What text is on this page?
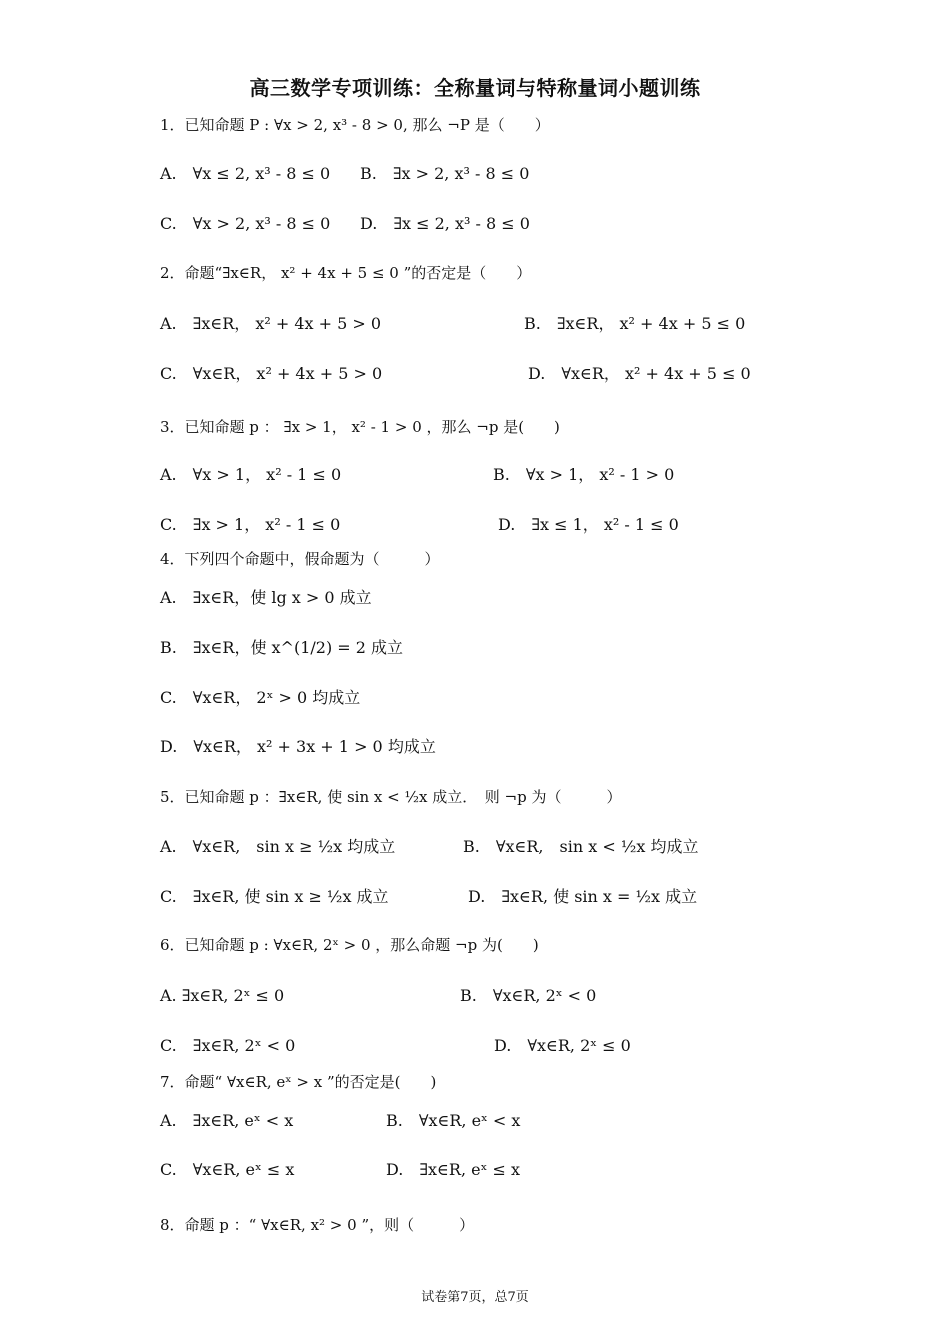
高三数学专项训练：全称量词与特称量词小题训练
1．已知命题 P : ∀x > 2, x³ - 8 > 0, 那么 ¬P 是（　　）
A.　∀x ≤ 2, x³ - 8 ≤ 0 B.　∃x > 2, x³ - 8 ≤ 0
C.　∀x > 2, x³ - 8 ≤ 0 D.　∃x ≤ 2, x³ - 8 ≤ 0
2．命题“∃x∈R， x² + 4x + 5 ≤ 0 ”的否定是（　　）
A.　∃x∈R， x² + 4x + 5 > 0	B.　∃x∈R， x² + 4x + 5 ≤ 0
C.　∀x∈R， x² + 4x + 5 > 0	D.　∀x∈R， x² + 4x + 5 ≤ 0
3．已知命题 p ： ∃x > 1， x² - 1 > 0 ，那么 ¬p 是(　　)
A.　∀x > 1， x² - 1 ≤ 0	B.　∀x > 1， x² - 1 > 0
C.　∃x > 1， x² - 1 ≤ 0	D.　∃x ≤ 1， x² - 1 ≤ 0
4．下列四个命题中，假命题为（　　　）
A.　∃x∈R，使 lg x > 0 成立
B.　∃x∈R，使 x^(1/2) = 2 成立
C.　∀x∈R， 2ˣ > 0 均成立
D.　∀x∈R， x² + 3x + 1 > 0 均成立
5．已知命题 p ：∃x∈R, 使 sin x < ½x 成立．　则 ¬p 为（　　　）
A.　∀x∈R,　sin x ≥ ½x 均成立	B.　∀x∈R,　sin x < ½x 均成立
C.　∃x∈R, 使 sin x ≥ ½x 成立	D.　∃x∈R, 使 sin x = ½x 成立
6．已知命题 p : ∀x∈R, 2ˣ > 0 ，那么命题 ¬p 为(　　)
A. ∃x∈R, 2ˣ ≤ 0	B.　∀x∈R, 2ˣ < 0
C.　∃x∈R, 2ˣ < 0	D.　∀x∈R, 2ˣ ≤ 0
7．命题“ ∀x∈R, eˣ > x ”的否定是(　　)
A.　∃x∈R, eˣ < x	B.　∀x∈R, eˣ < x
C.　∀x∈R, eˣ ≤ x	D.　∃x∈R, eˣ ≤ x
8．命题 p ：“ ∀x∈R, x² > 0 ”，则（　　　）
试卷第7页，总7页
